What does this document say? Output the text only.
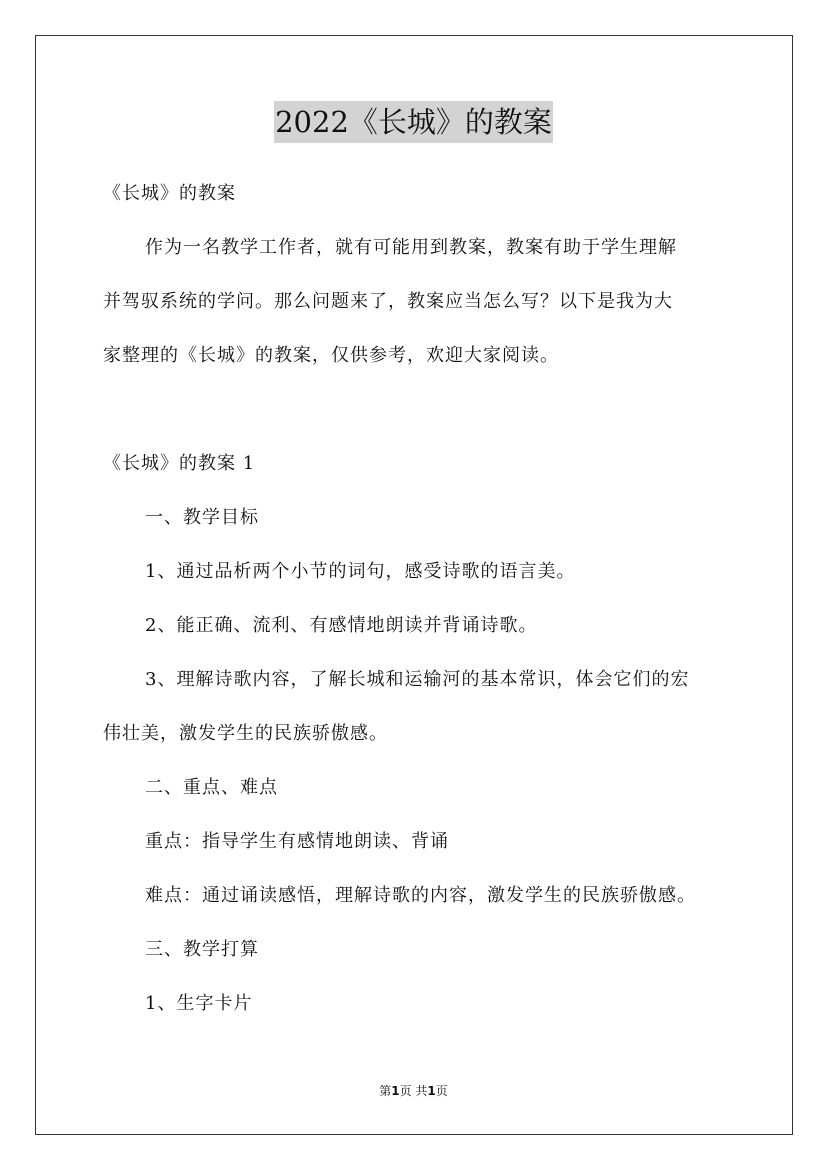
2022《长城》的教案
《长城》的教案
作为一名教学工作者，就有可能用到教案，教案有助于学生理解
并驾驭系统的学问。那么问题来了，教案应当怎么写？以下是我为大
家整理的《长城》的教案，仅供参考，欢迎大家阅读。
《长城》的教案 1
一、教学目标
1、通过品析两个小节的词句，感受诗歌的语言美。
2、能正确、流利、有感情地朗读并背诵诗歌。
3、理解诗歌内容，了解长城和运输河的基本常识，体会它们的宏
伟壮美，激发学生的民族骄傲感。
二、重点、难点
重点：指导学生有感情地朗读、背诵
难点：通过诵读感悟，理解诗歌的内容，激发学生的民族骄傲感。
三、教学打算
1、生字卡片
第1页 共1页
